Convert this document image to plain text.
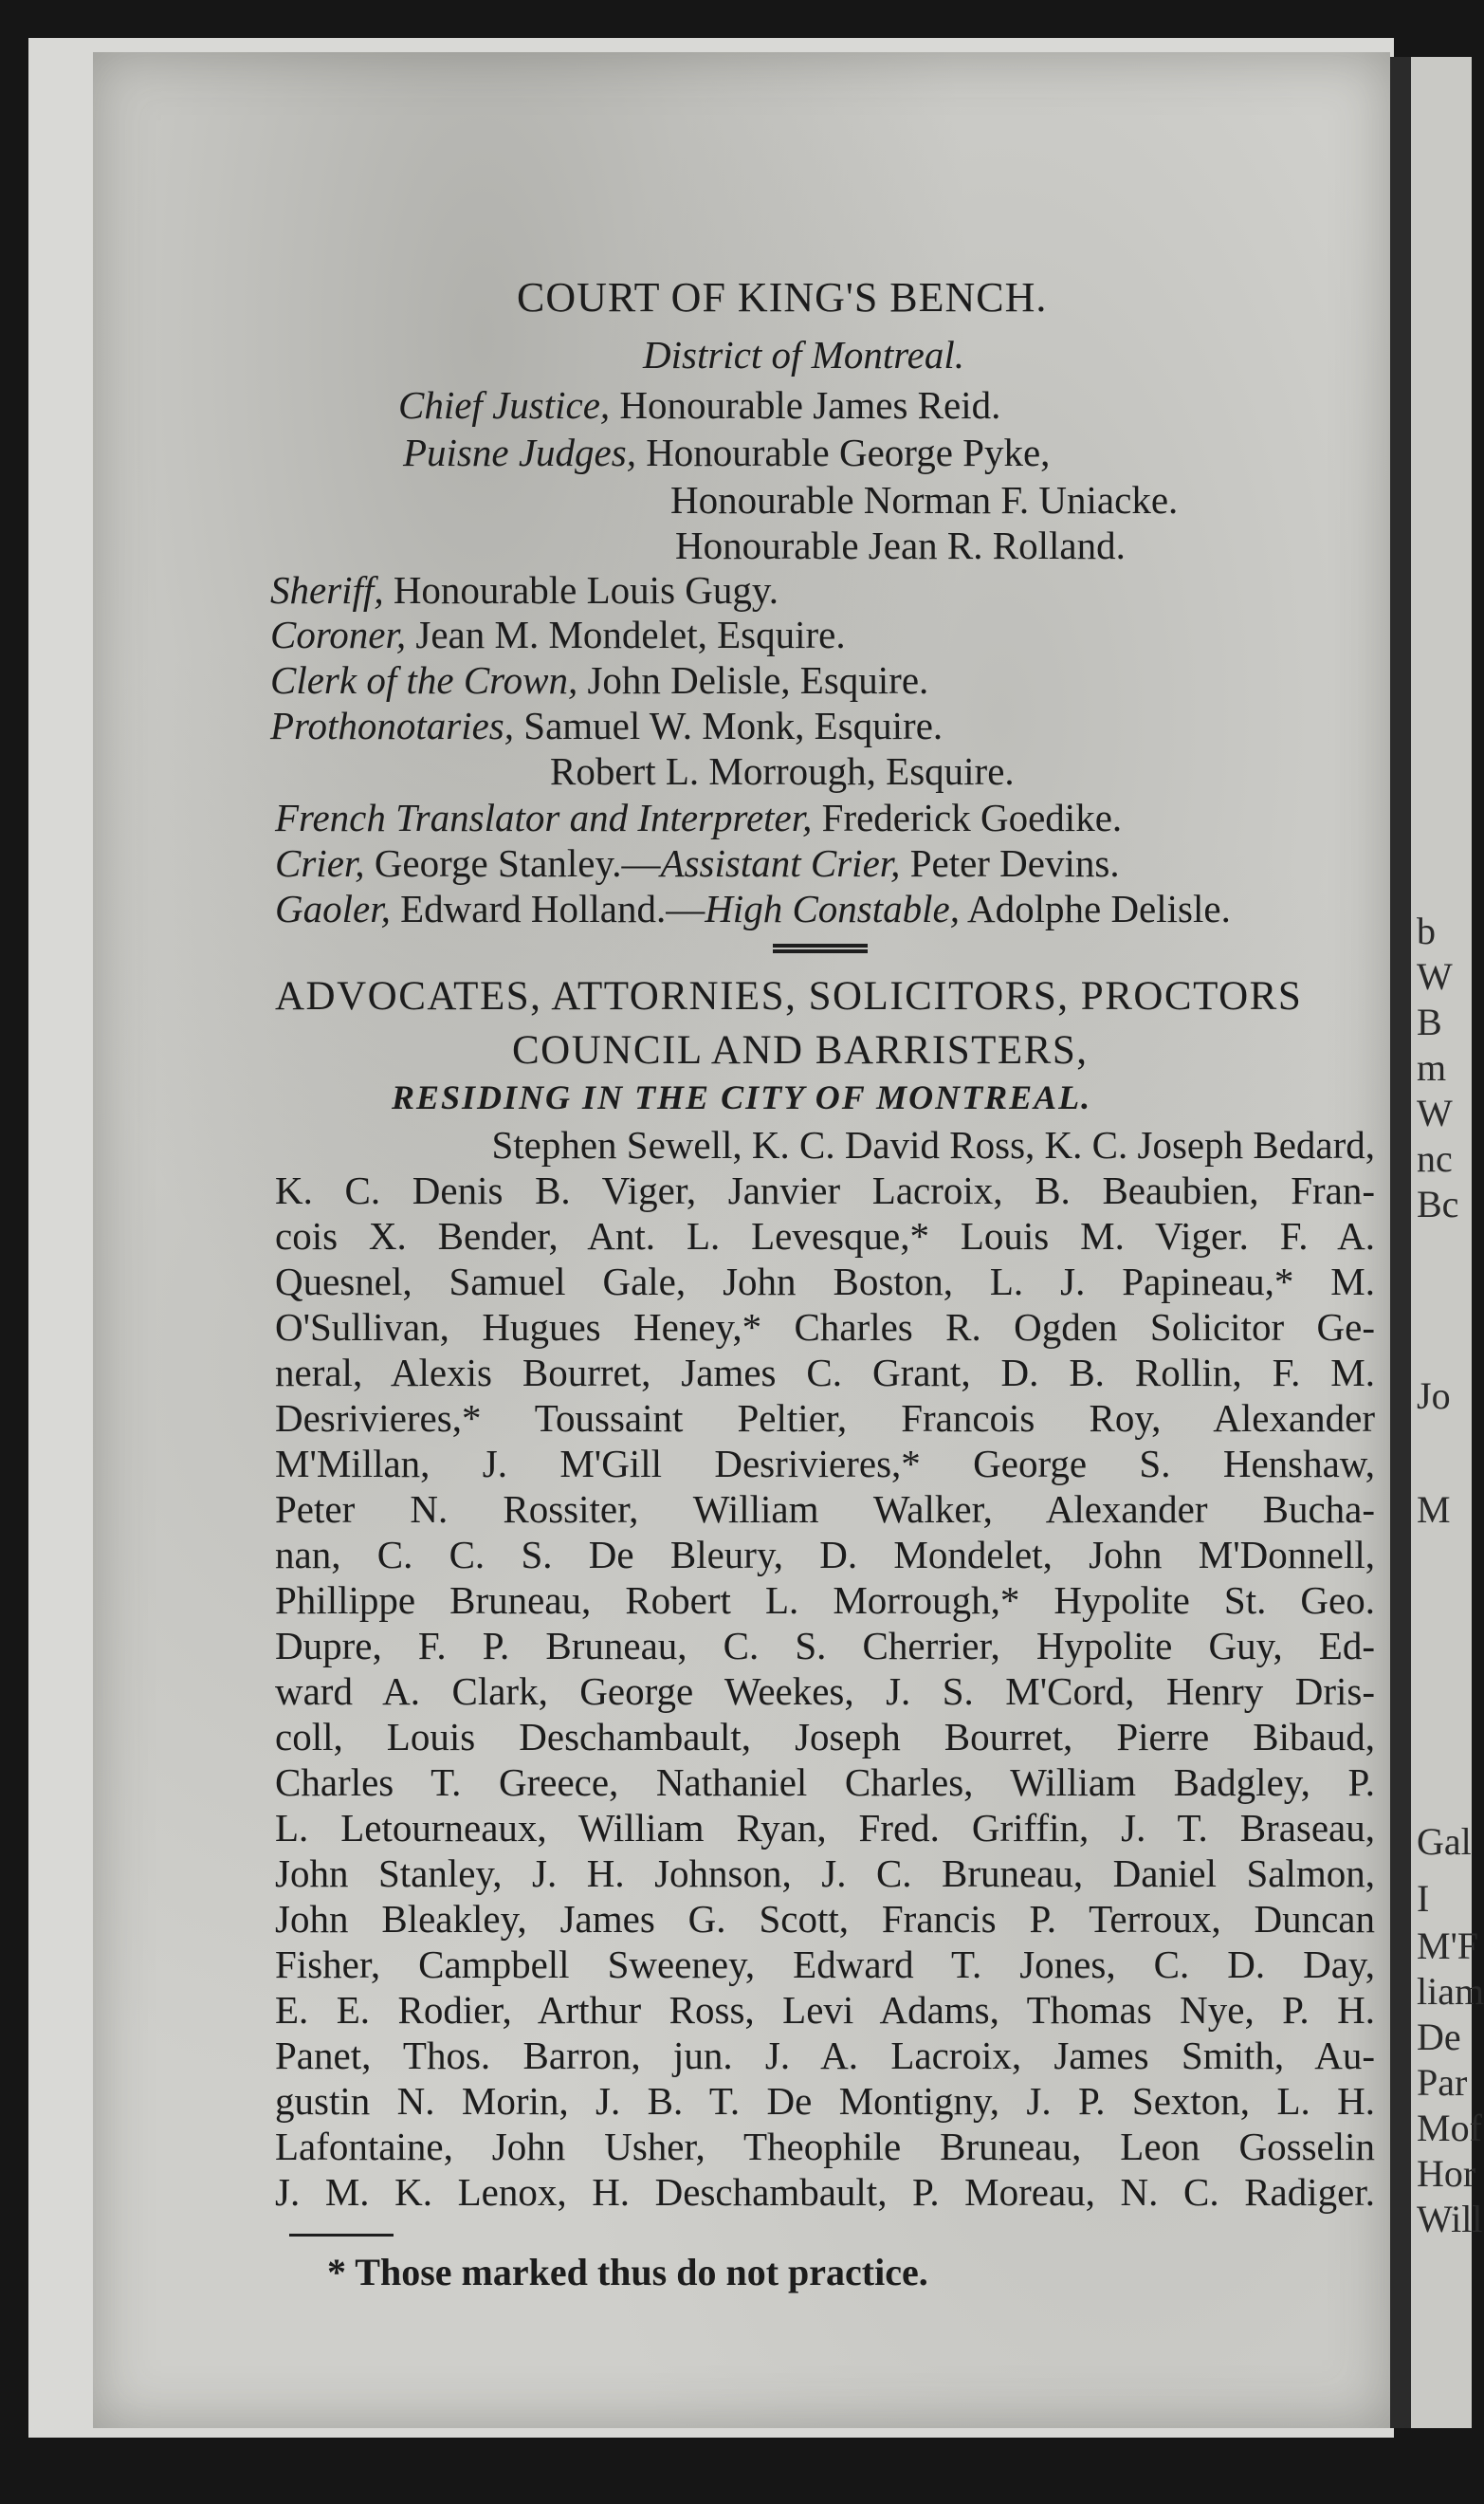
b
W
B
m
W
nc
Bc
Jo
M
Gal
I
M'F
liam
De
Par
Mof
Hor
Will
COURT OF KING'S BENCH.
District of Montreal.
Chief Justice, Honourable James Reid.
Puisne Judges, Honourable George Pyke,
Honourable Norman F. Uniacke.
Honourable Jean R. Rolland.
Sheriff, Honourable Louis Gugy.
Coroner, Jean M. Mondelet, Esquire.
Clerk of the Crown, John Delisle, Esquire.
Prothonotaries, Samuel W. Monk, Esquire.
Robert L. Morrough, Esquire.
French Translator and Interpreter, Frederick Goedike.
Crier, George Stanley.—Assistant Crier, Peter Devins.
Gaoler, Edward Holland.—High Constable, Adolphe Delisle.
ADVOCATES, ATTORNIES, SOLICITORS, PROCTORS
COUNCIL AND BARRISTERS,
RESIDING IN THE CITY OF MONTREAL.
Stephen Sewell, K. C. David Ross, K. C. Joseph Bedard,
K. C. Denis B. Viger, Janvier Lacroix, B. Beaubien, Fran-
cois X. Bender, Ant. L. Levesque,* Louis M. Viger. F. A.
Quesnel, Samuel Gale, John Boston, L. J. Papineau,* M.
O'Sullivan, Hugues Heney,* Charles R. Ogden Solicitor Ge-
neral, Alexis Bourret, James C. Grant, D. B. Rollin, F. M.
Desrivieres,* Toussaint Peltier, Francois Roy, Alexander
M'Millan, J. M'Gill Desrivieres,* George S. Henshaw,
Peter N. Rossiter, William Walker, Alexander Bucha-
nan, C. C. S. De Bleury, D. Mondelet, John M'Donnell,
Phillippe Bruneau, Robert L. Morrough,* Hypolite St. Geo.
Dupre, F. P. Bruneau, C. S. Cherrier, Hypolite Guy, Ed-
ward A. Clark, George Weekes, J. S. M'Cord, Henry Dris-
coll, Louis Deschambault, Joseph Bourret, Pierre Bibaud,
Charles T. Greece, Nathaniel Charles, William Badgley, P.
L. Letourneaux, William Ryan, Fred. Griffin, J. T. Braseau,
John Stanley, J. H. Johnson, J. C. Bruneau, Daniel Salmon,
John Bleakley, James G. Scott, Francis P. Terroux, Duncan
Fisher, Campbell Sweeney, Edward T. Jones, C. D. Day,
E. E. Rodier, Arthur Ross, Levi Adams, Thomas Nye, P. H.
Panet, Thos. Barron, jun. J. A. Lacroix, James Smith, Au-
gustin N. Morin, J. B. T. De Montigny, J. P. Sexton, L. H.
Lafontaine, John Usher, Theophile Bruneau, Leon Gosselin
J. M. K. Lenox, H. Deschambault, P. Moreau, N. C. Radiger.
* Those marked thus do not practice.
